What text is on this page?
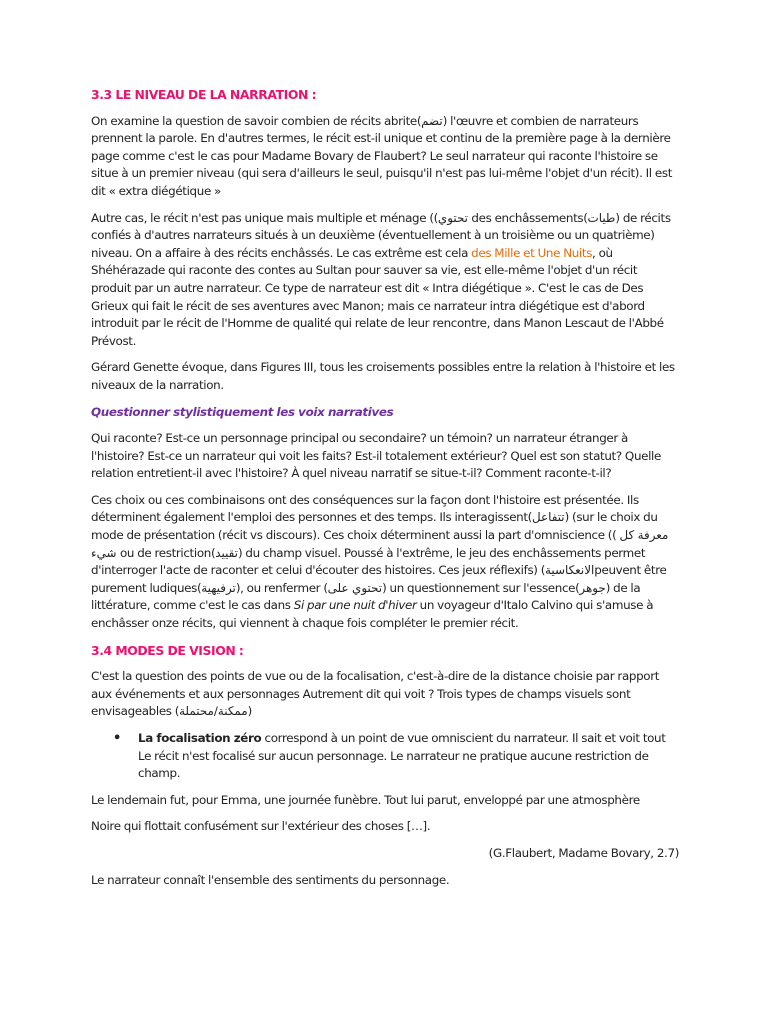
3.3 LE NIVEAU DE LA NARRATION :

On examine la question de savoir combien de récits abrite(تضم) l'œuvre et combien de narrateurs prennent la parole. En d'autres termes, le récit est-il unique et continu de la première page à la dernière page comme c'est le cas pour Madame Bovary de Flaubert? Le seul narrateur qui raconte l'histoire se situe à un premier niveau (qui sera d'ailleurs le seul, puisqu'il n'est pas lui-même l'objet d'un récit). Il est dit « extra diégétique »

Autre cas, le récit n'est pas unique mais multiple et ménage ((تحتوي des enchâssements(طيات) de récits confiés à d'autres narrateurs situés à un deuxième (éventuellement à un troisième ou un quatrième) niveau. On a affaire à des récits enchâssés. Le cas extrême est cela des Mille et Une Nuits, où Shéhérazade qui raconte des contes au Sultan pour sauver sa vie, est elle-même l'objet d'un récit produit par un autre narrateur. Ce type de narrateur est dit « Intra diégétique ». C'est le cas de Des Grieux qui fait le récit de ses aventures avec Manon; mais ce narrateur intra diégétique est d'abord introduit par le récit de l'Homme de qualité qui relate de leur rencontre, dans Manon Lescaut de l'Abbé Prévost.

Gérard Genette évoque, dans Figures III, tous les croisements possibles entre la relation à l'histoire et les niveaux de la narration.

Questionner stylistiquement les voix narratives

Qui raconte? Est-ce un personnage principal ou secondaire? un témoin? un narrateur étranger à l'histoire? Est-ce un narrateur qui voit les faits? Est-il totalement extérieur? Quel est son statut? Quelle relation entretient-il avec l'histoire? À quel niveau narratif se situe-t-il? Comment raconte-t-il?

Ces choix ou ces combinaisons ont des conséquences sur la façon dont l'histoire est présentée. Ils déterminent également l'emploi des personnes et des temps. Ils interagissent(تتفاعل) (sur le choix du mode de présentation (récit vs discours). Ces choix déterminent aussi la part d'omniscience (( معرفة كل شيء ou de restriction(تقييد) du champ visuel. Poussé à l'extrême, le jeu des enchâssements permet d'interroger l'acte de raconter et celui d'écouter des histoires. Ces jeux réflexifs) (الانعكاسيةpeuvent être purement ludiques(ترفيهية), ou renfermer (تحتوي على) un questionnement sur l'essence(جوهر) de la littérature, comme c'est le cas dans Si par une nuit d'hiver un voyageur d'Italo Calvino qui s'amuse à enchâsser onze récits, qui viennent à chaque fois compléter le premier récit.

3.4 MODES DE VISION :

C'est la question des points de vue ou de la focalisation, c'est-à-dire de la distance choisie par rapport aux événements et aux personnages Autrement dit qui voit ? Trois types de champs visuels sont envisageables (ممكنة/محتملة)

• La focalisation zéro correspond à un point de vue omniscient du narrateur. Il sait et voit tout Le récit n'est focalisé sur aucun personnage. Le narrateur ne pratique aucune restriction de champ.

Le lendemain fut, pour Emma, une journée funèbre. Tout lui parut, enveloppé par une atmosphère

Noire qui flottait confusément sur l'extérieur des choses […].

(G.Flaubert, Madame Bovary, 2.7)

Le narrateur connaît l'ensemble des sentiments du personnage.
